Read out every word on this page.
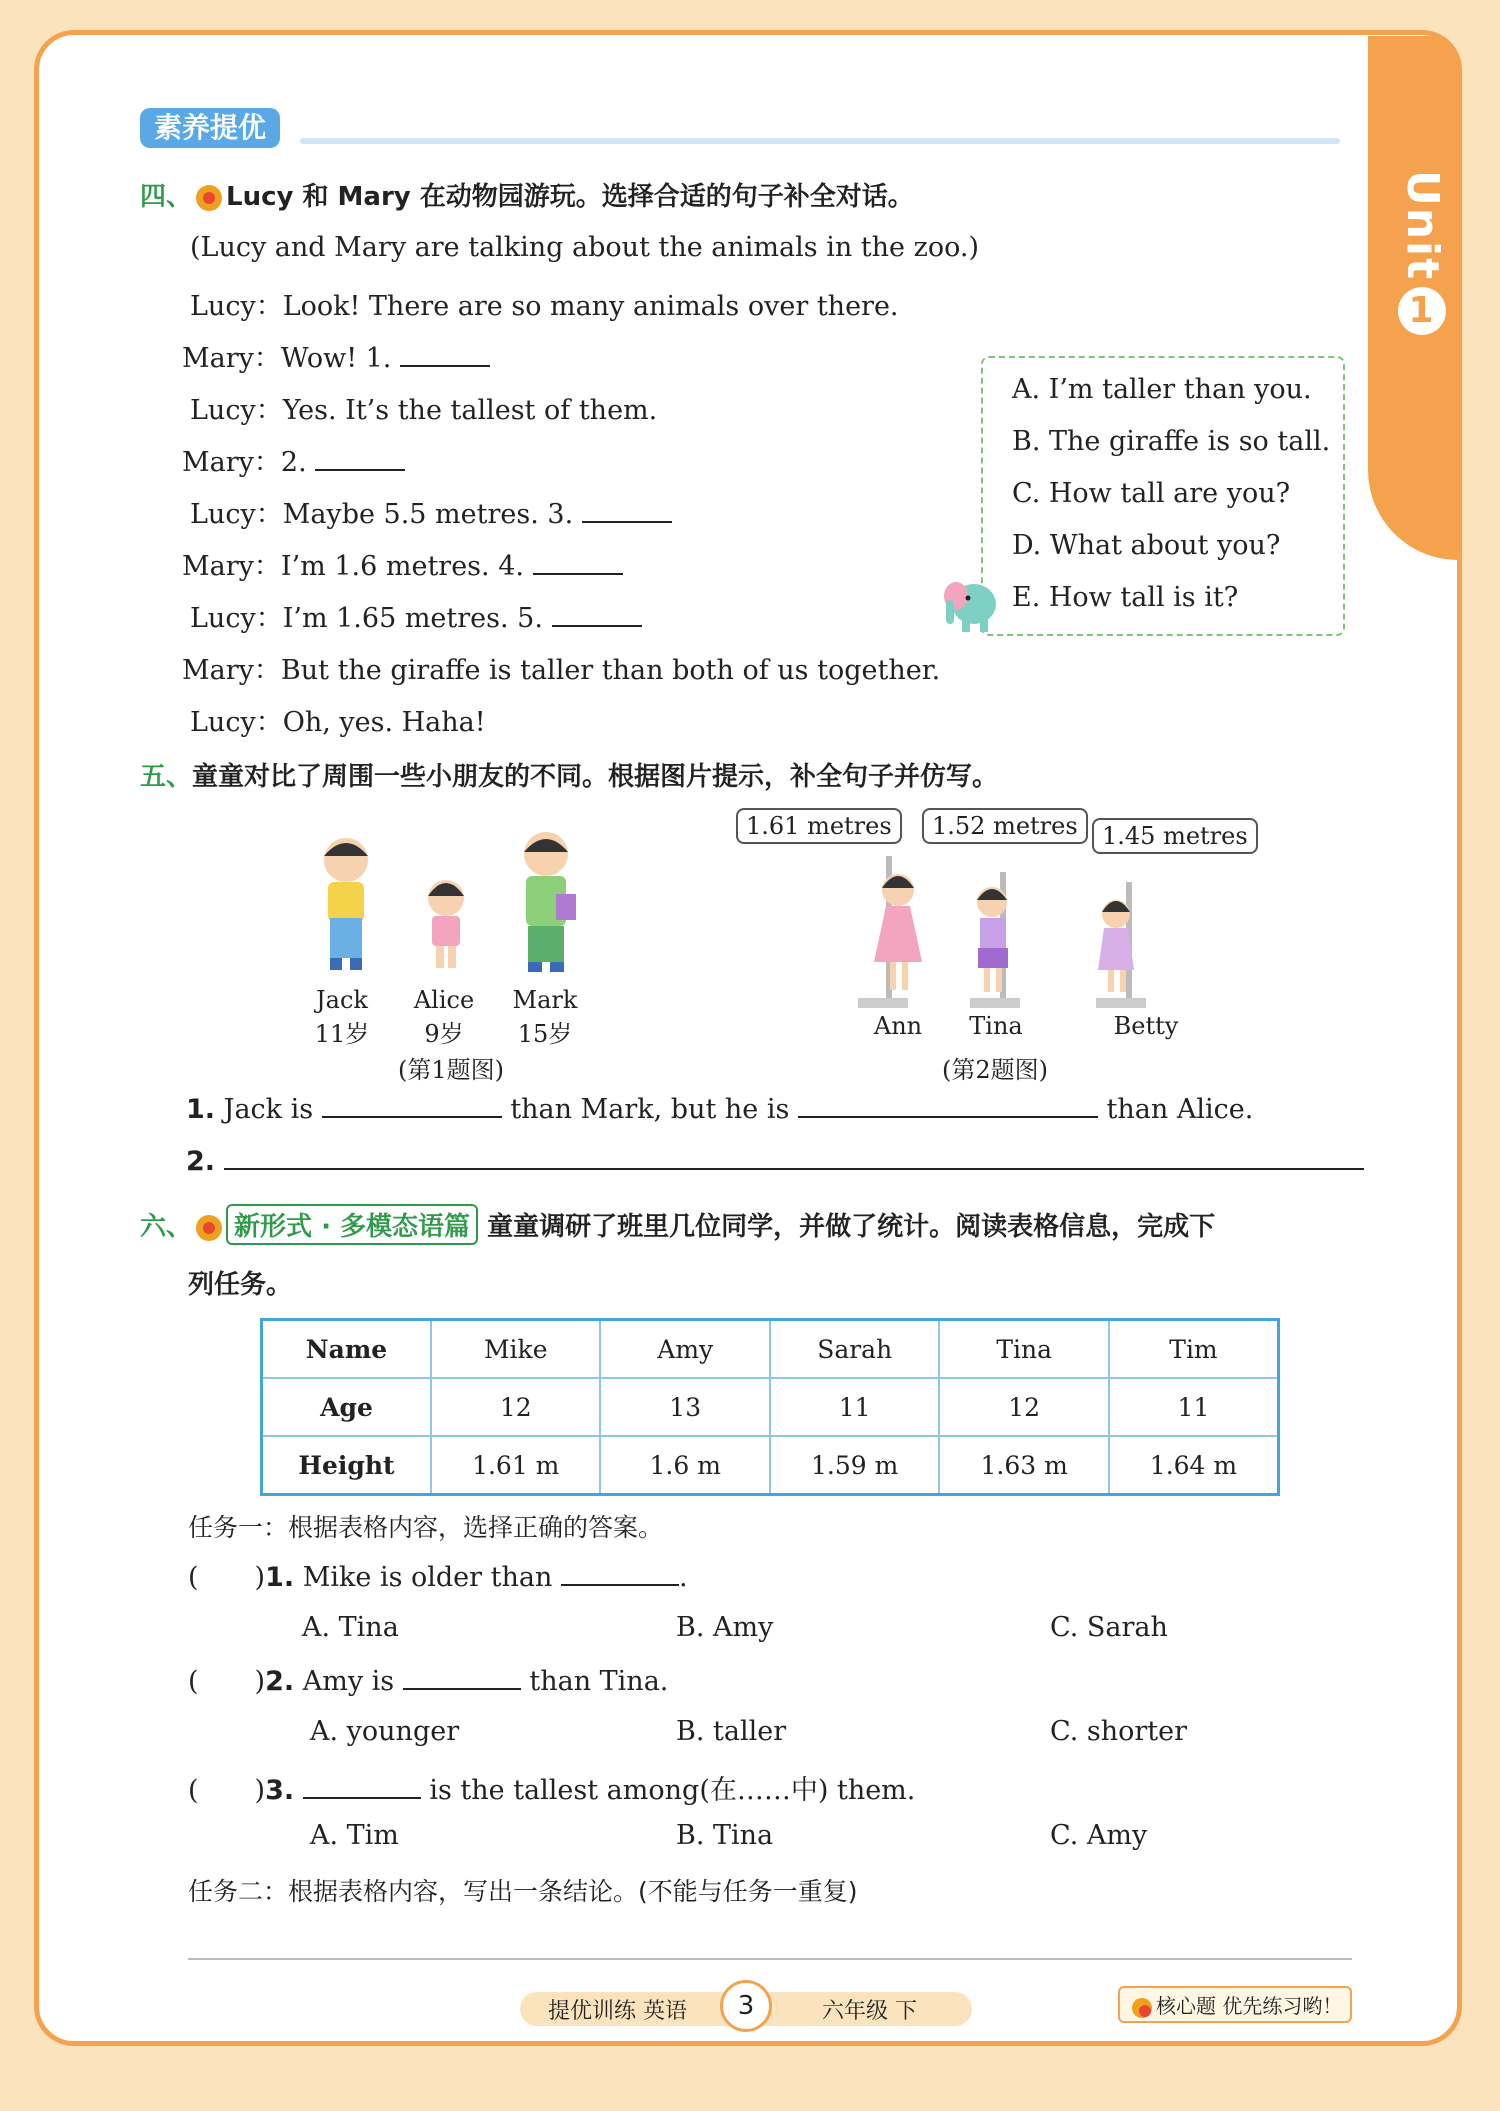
Unit1
素养提优
四、 Lucy 和 Mary 在动物园游玩。选择合适的句子补全对话。
(Lucy and Mary are talking about the animals in the zoo.)
Lucy：Look! There are so many animals over there.
Mary：Wow! 1.
Lucy：Yes. It’s the tallest of them.
Mary：2.
Lucy：Maybe 5.5 metres. 3.
Mary：I’m 1.6 metres. 4.
Lucy：I’m 1.65 metres. 5.
Mary：But the giraffe is taller than both of us together.
Lucy：Oh, yes. Haha!
A. I’m taller than you.
B. The giraffe is so tall.
C. How tall are you?
D. What about you?
E. How tall is it?
五、童童对比了周围一些小朋友的不同。根据图片提示，补全句子并仿写。
Jack
11岁
Alice
9岁
Mark
15岁
(第1题图)
1.61 metres	1.52 metres	1.45 metres
Ann	Tina	Betty
(第2题图)
1. Jack is	than Mark, but he is	than Alice.
2.
六、 新形式 · 多模态语篇 童童调研了班里几位同学，并做了统计。阅读表格信息，完成下
列任务。
Name	Mike	Amy	Sarah	Tina	Tim
Age	12	13	11	12	11
Height	1.61 m	1.6 m	1.59 m	1.63 m	1.64 m
任务一：根据表格内容，选择正确的答案。
( )1. Mike is older than	.
A. Tina	B. Amy	C. Sarah
( )2. Amy is	than Tina.
A. younger	B. taller	C. shorter
( )3.	is the tallest among(在……中) them.
A. Tim	B. Tina	C. Amy
任务二：根据表格内容，写出一条结论。(不能与任务一重复)
提优训练 英语	3	六年级 下	核心题 优先练习哟！
